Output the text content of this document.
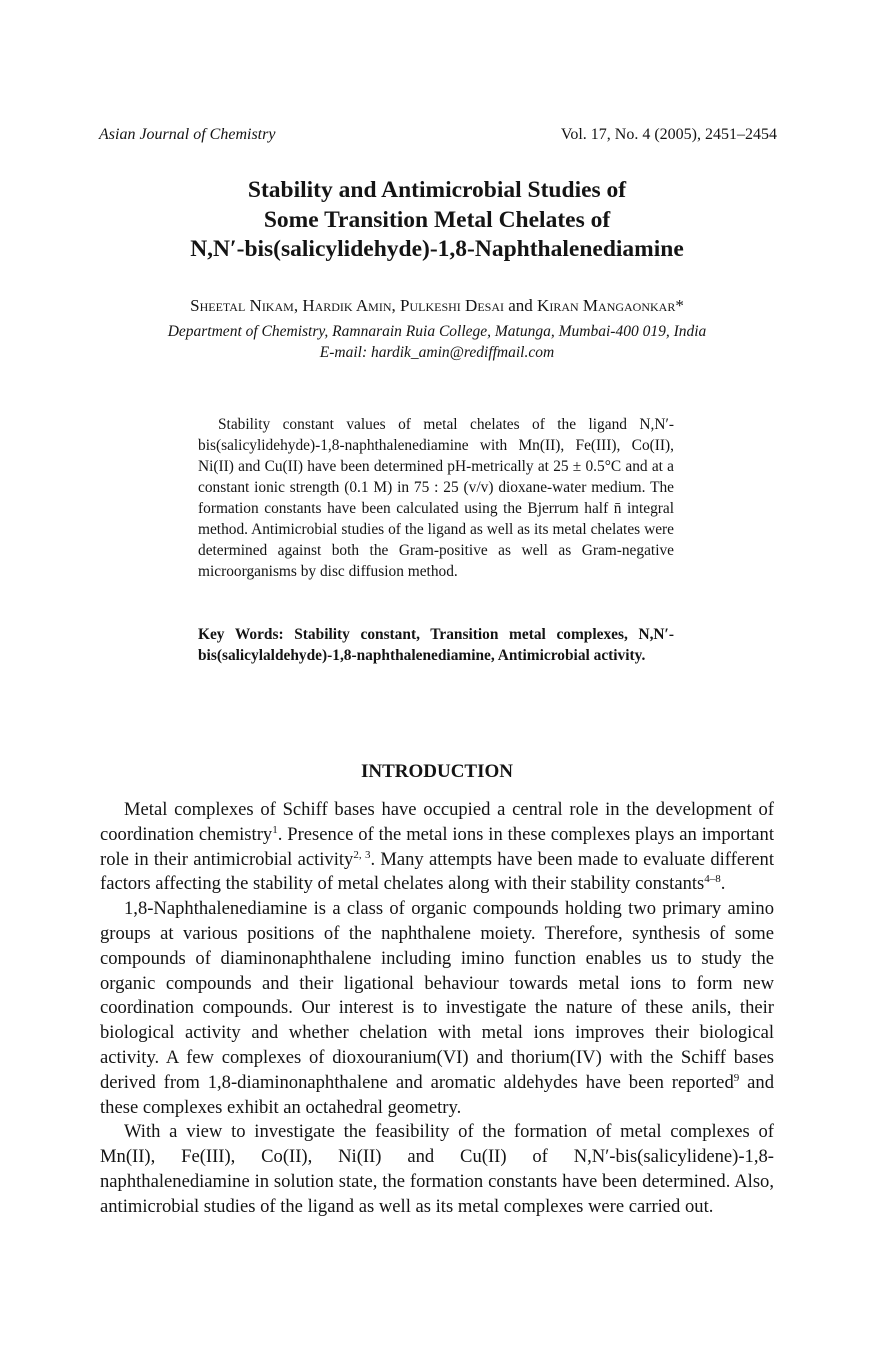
Asian Journal of Chemistry	Vol. 17, No. 4 (2005), 2451–2454
Stability and Antimicrobial Studies of
Some Transition Metal Chelates of
N,N′-bis(salicylidehyde)-1,8-Naphthalenediamine
Sheetal Nikam, Hardik Amin, Pulkeshi Desai and Kiran Mangaonkar*
Department of Chemistry, Ramnarain Ruia College, Matunga, Mumbai-400 019, India
E-mail: hardik_amin@rediffmail.com

Stability constant values of metal chelates of the ligand N,N′-bis(salicylidehyde)-1,8-naphthalenediamine with Mn(II), Fe(III), Co(II), Ni(II) and Cu(II) have been determined pH-metrically at 25 ± 0.5°C and at a constant ionic strength (0.1 M) in 75 : 25 (v/v) dioxane-water medium. The formation constants have been calculated using the Bjerrum half n̄ integral method. Antimicrobial studies of the ligand as well as its metal chelates were determined against both the Gram-positive as well as Gram-negative microorganisms by disc diffusion method.

Key Words: Stability constant, Transition metal complexes, N,N′-bis(salicylaldehyde)-1,8-naphthalenediamine, Antimicrobial activity.

INTRODUCTION

Metal complexes of Schiff bases have occupied a central role in the development of coordination chemistry$^1$. Presence of the metal ions in these complexes plays an important role in their antimicrobial activity$^{2, 3}$. Many attempts have been made to evaluate different factors affecting the stability of metal chelates along with their stability constants$^{4-8}$.

1,8-Naphthalenediamine is a class of organic compounds holding two primary amino groups at various positions of the naphthalene moiety. Therefore, synthesis of some compounds of diaminonaphthalene including imino function enables us to study the organic compounds and their ligational behaviour towards metal ions to form new coordination compounds. Our interest is to investigate the nature of these anils, their biological activity and whether chelation with metal ions improves their biological activity. A few complexes of dioxouranium(VI) and thorium(IV) with the Schiff bases derived from 1,8-diaminonaphthalene and aromatic aldehydes have been reported$^9$ and these complexes exhibit an octahedral geometry.

With a view to investigate the feasibility of the formation of metal complexes of Mn(II), Fe(III), Co(II), Ni(II) and Cu(II) of N,N′-bis(salicylidene)-1,8-naphthalenediamine in solution state, the formation constants have been determined. Also, antimicrobial studies of the ligand as well as its metal complexes were carried out.
